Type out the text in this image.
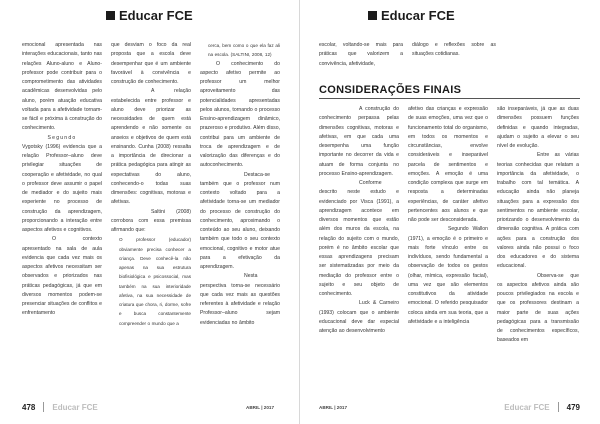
Educar FCE

emocional apresentada nas interações educacionais, tanto nas relações Aluno-aluno e Aluno-professor pode contribuir para o comprometimento das atividades acadêmicas desenvolvidas pelo aluno, porém atuação educativa voltada para a afetividade tornam-se fácil e próxima à construção do conhecimento.

Segundo

Vygotsky (1996) evidencia que a relação Professor–aluno deve privilegiar situações de cooperação e afetividade, no qual o professor deve assumir o papel de mediador e do sujeito mais experiente no processo de construção da aprendizagem, proporcionando a interação entre aspectos afetivos e cognitivos.

O contexto apresentado na sala de aula evidencia que cada vez mais os aspectos afetivos necessitam ser observados e priorizados nas práticas pedagógicas, já que em diversos momentos podem-se presenciar situações de conflitos e enfrentamento

que desviam o foco da real proposta que a escola deve desempenhar que é um ambiente favorável à convivência e construção de conhecimento.

A relação estabelecida entre professor e aluno deve priorizar as necessidades de quem está aprendendo e não somente os anseios e objetivos de quem está ensinando. Cunha (2008) ressalta a importância de direcionar a prática pedagógica para atingir as expectativas do aluno, conhecendo-o todas suas dimensões: cognitivas, motoras e afetivas.

Saltini (2008) corrobora com essa premissa afirmando que:

O professor (educador) obviamente precisa conhecer a criança. Deve conhecê-la não apenas na sua estrutura biofisiológica e psicossocial, mas também na sua interioridade afetiva, na sua necessidade de criatura que chora, ri, dorme, sofre e busca constantemente compreender o mundo que a

cerca, bem como o que ela faz ali na escola. (SALTINI, 2008, 12)

O conhecimento do aspecto afetivo permite ao professor um melhor aproveitamento das potencialidades apresentadas pelos alunos, tornando o processo Ensino-aprendizagem dinâmico, prazeroso e produtivo. Além disso, contribui para um ambiente de troca de aprendizagem e de valorização das diferenças e do autoconhecimento.

Destaca-se também que o professor num contexto voltado para a afetividade torna-se um mediador do processo de construção do conhecimento, aproximando o conteúdo ao seu aluno, deixando também que todo o seu contexto emocional, cognitivo e motor atue para a efetivação da aprendizagem.

Nesta perspectiva torna-se necessário que cada vez mais as questões referentes à afetividade e relação Professor–aluno sejam evidenciadas no âmbito

478 Educar FCE	ABRIL | 2017
Educar FCE
escolar, voltando-se mais para práticas que valorizem a convivência, afetividade,
diálogo e reflexões sobre as situações cotidianas.
CONSIDERAÇÕES FINAIS

A construção do conhecimento perpassa pelas dimensões cognitivas, motoras e afetivas, em que cada uma desempenha uma função importante no decorrer da vida e atuam de forma conjunta no processo Ensino-aprendizagem.

Conforme descrito neste estudo e evidenciado por Visca (1991), a aprendizagem acontece em diversos momentos que estão além dos muros da escola, na relação do sujeito com o mundo, porém é no âmbito escolar que essas aprendizagens precisam ser sistematizadas por meio da mediação do professor entre o sujeito e seu objeto de conhecimento.

Luck & Carneiro (1993) colocam que o ambiente educacional deve dar especial atenção ao desenvolvimento

afetivo das crianças e expressão de suas emoções, uma vez que o funcionamento total do organismo, em todos os momentos e circunstâncias, envolve consideráveis e inseparável parcela de sentimentos e emoções. A emoção é uma condição complexa que surge em resposta a determinadas experiências, de caráter afetivo pertencentes aos alunos e que não pode ser desconsiderada.

Segundo Wallon (1971), a emoção é o primeiro e mais forte vínculo entre os indivíduos, sendo fundamental a observação de todos os gestos (olhar, mímica, expressão facial), uma vez que são elementos constitutivos da atividade emocional. O referido pesquisador coloca ainda em sua teoria, que a afetividade e a inteligência

são inseparáveis, já que as duas dimensões possuem funções definidas e quando integradas, ajudam o sujeito a elevar o seu nível de evolução.

Entre as várias teorias conhecidas que relatam a importância da afetividade, o trabalho com tal temática. A educação ainda não planeja situações para a expressão dos sentimentos no ambiente escolar, priorizando o desenvolvimento da dimensão cognitiva. A prática com ações para a construção dos valores ainda não possui o foco dos educadores e do sistema educacional.

Observa-se que os aspectos afetivos ainda são poucos privilegiados na escola e que os professores destinam a maior parte de suas ações pedagógicas para a transmissão de conhecimentos específicos, baseados em

ABRIL | 2017	Educar FCE 479
